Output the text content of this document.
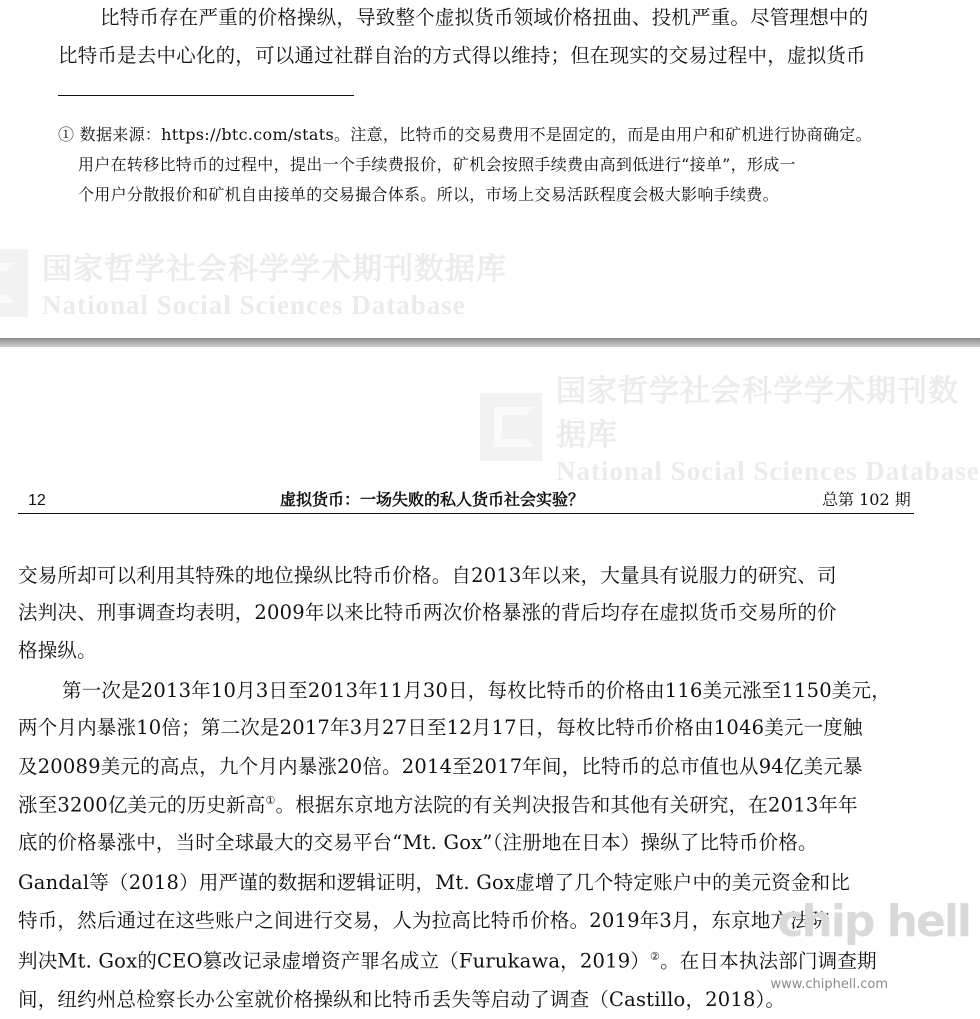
比特币存在严重的价格操纵，导致整个虚拟货币领域价格扭曲、投机严重。尽管理想中的
比特币是去中心化的，可以通过社群自治的方式得以维持；但在现实的交易过程中，虚拟货币
① 数据来源：https://btc.com/stats。注意，比特币的交易费用不是固定的，而是由用户和矿机进行协商确定。
用户在转移比特币的过程中，提出一个手续费报价，矿机会按照手续费由高到低进行“接单”，形成一
个用户分散报价和矿机自由接单的交易撮合体系。所以，市场上交易活跃程度会极大影响手续费。
国家哲学社会科学学术期刊数据库
National Social Sciences Database
国家哲学社会科学学术期刊数据库
National Social Sciences Database
12	虚拟货币：一场失败的私人货币社会实验？	总第 102 期
交易所却可以利用其特殊的地位操纵比特币价格。自2013年以来，大量具有说服力的研究、司
法判决、刑事调查均表明，2009年以来比特币两次价格暴涨的背后均存在虚拟货币交易所的价
格操纵。
第一次是2013年10月3日至2013年11月30日，每枚比特币的价格由116美元涨至1150美元，
两个月内暴涨10倍；第二次是2017年3月27日至12月17日，每枚比特币价格由1046美元一度触
及20089美元的高点，九个月内暴涨20倍。2014至2017年间，比特币的总市值也从94亿美元暴
涨至3200亿美元的历史新高①。根据东京地方法院的有关判决报告和其他有关研究，在2013年年
底的价格暴涨中，当时全球最大的交易平台“Mt. Gox”（注册地在日本）操纵了比特币价格。
Gandal等（2018）用严谨的数据和逻辑证明，Mt. Gox虚增了几个特定账户中的美元资金和比
特币，然后通过在这些账户之间进行交易，人为拉高比特币价格。2019年3月，东京地方法院
判决Mt. Gox的CEO篡改记录虚增资产罪名成立（Furukawa，2019）②。在日本执法部门调查期
间，纽约州总检察长办公室就价格操纵和比特币丢失等启动了调查（Castillo，2018）。
chip hell
www.chiphell.com
